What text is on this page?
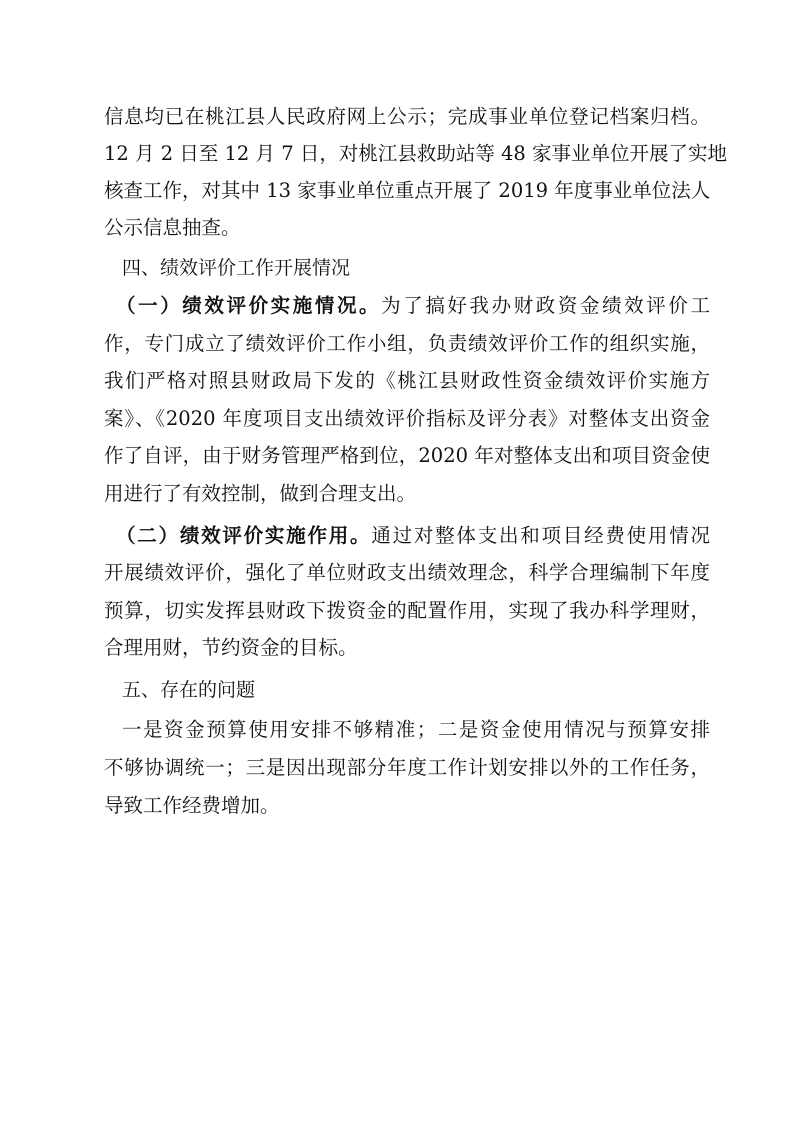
信息均已在桃江县人民政府网上公示；完成事业单位登记档案归档。
12 月 2 日至 12 月 7 日，对桃江县救助站等 48 家事业单位开展了实地
核查工作，对其中 13 家事业单位重点开展了 2019 年度事业单位法人
公示信息抽查。
四、绩效评价工作开展情况
（一）绩效评价实施情况。为了搞好我办财政资金绩效评价工
作，专门成立了绩效评价工作小组，负责绩效评价工作的组织实施，
我们严格对照县财政局下发的《桃江县财政性资金绩效评价实施方
案》、《2020 年度项目支出绩效评价指标及评分表》对整体支出资金
作了自评，由于财务管理严格到位，2020 年对整体支出和项目资金使
用进行了有效控制，做到合理支出。
（二）绩效评价实施作用。通过对整体支出和项目经费使用情况
开展绩效评价，强化了单位财政支出绩效理念，科学合理编制下年度
预算，切实发挥县财政下拨资金的配置作用，实现了我办科学理财，
合理用财，节约资金的目标。
五、存在的问题
一是资金预算使用安排不够精准；二是资金使用情况与预算安排
不够协调统一；三是因出现部分年度工作计划安排以外的工作任务，
导致工作经费增加。
